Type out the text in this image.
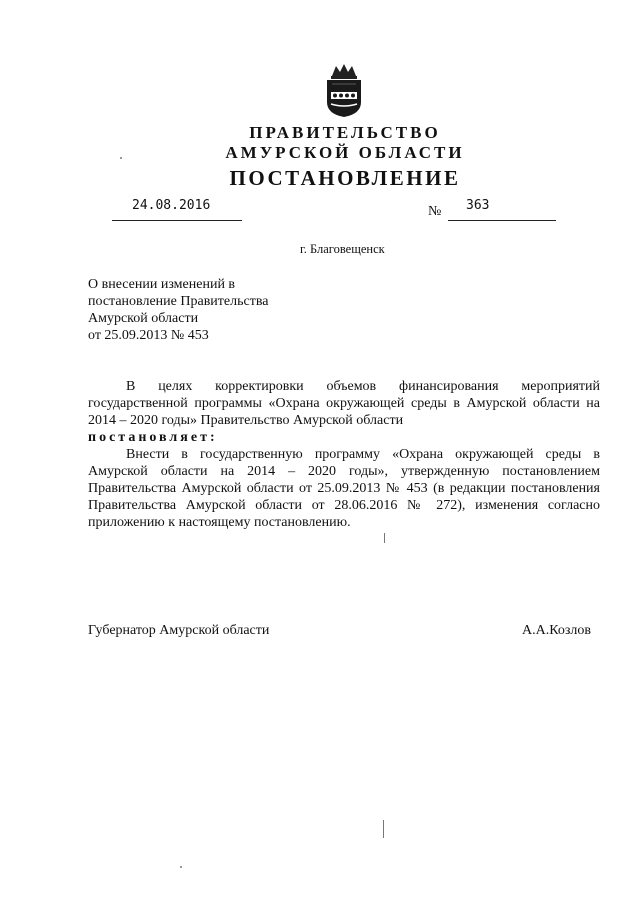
ПРАВИТЕЛЬСТВО
АМУРСКОЙ ОБЛАСТИ
ПОСТАНОВЛЕНИЕ
24.08.2016	№ 363
г. Благовещенск
О внесении изменений в
постановление Правительства
Амурской области
от 25.09.2013 № 453

В целях корректировки объемов финансирования мероприятий государственной программы «Охрана окружающей среды в Амурской области на 2014 – 2020 годы» Правительство Амурской области

постановляет:

Внести в государственную программу «Охрана окружающей среды в Амурской области на 2014 – 2020 годы», утвержденную постановлением Правительства Амурской области от 25.09.2013 № 453 (в редакции постановления Правительства Амурской области от 28.06.2016 № 272), изменения согласно приложению к настоящему постановлению.

Губернатор Амурской области	А.А.Козлов
